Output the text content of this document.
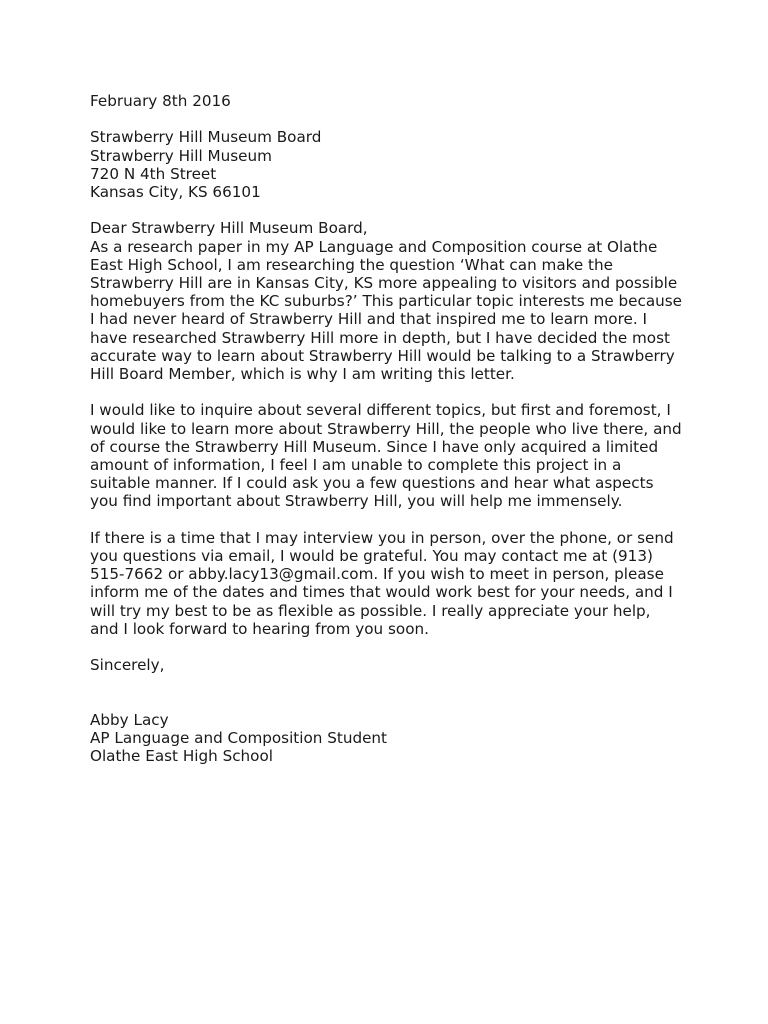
February 8th 2016
Strawberry Hill Museum Board
Strawberry Hill Museum
720 N 4th Street
Kansas City, KS 66101
Dear Strawberry Hill Museum Board,
As a research paper in my AP Language and Composition course at Olathe
East High School, I am researching the question ‘What can make the
Strawberry Hill are in Kansas City, KS more appealing to visitors and possible
homebuyers from the KC suburbs?’ This particular topic interests me because
I had never heard of Strawberry Hill and that inspired me to learn more. I
have researched Strawberry Hill more in depth, but I have decided the most
accurate way to learn about Strawberry Hill would be talking to a Strawberry
Hill Board Member, which is why I am writing this letter.
I would like to inquire about several different topics, but first and foremost, I
would like to learn more about Strawberry Hill, the people who live there, and
of course the Strawberry Hill Museum. Since I have only acquired a limited
amount of information, I feel I am unable to complete this project in a
suitable manner. If I could ask you a few questions and hear what aspects
you find important about Strawberry Hill, you will help me immensely.
If there is a time that I may interview you in person, over the phone, or send
you questions via email, I would be grateful. You may contact me at (913)
515-7662 or abby.lacy13@gmail.com. If you wish to meet in person, please
inform me of the dates and times that would work best for your needs, and I
will try my best to be as flexible as possible. I really appreciate your help,
and I look forward to hearing from you soon.
Sincerely,
Abby Lacy
AP Language and Composition Student
Olathe East High School
